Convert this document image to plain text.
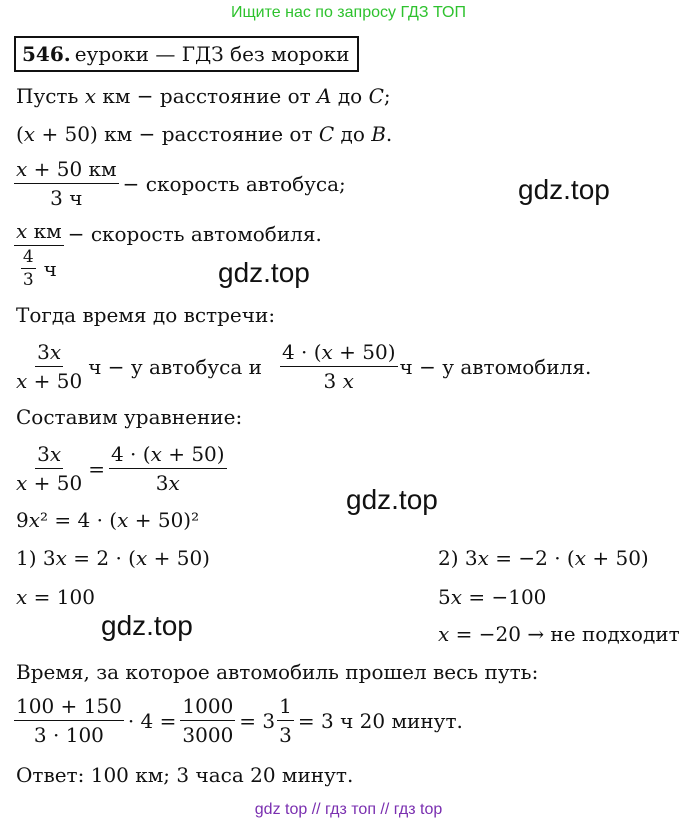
Ищите нас по запросу ГДЗ ТОП
546. еуроки — ГДЗ без мороки
Пусть 𝑥 км − расстояние от 𝐴 до 𝐶;
(𝑥 + 50) км − расстояние от 𝐶 до 𝐵.
$\frac{\text{𝑥 + 50 км}}{3 ч}$ − скорость автобуса;
$\frac{\text{𝑥 км}}{\frac{4}{3} ч}$ − скорость автомобиля.
Тогда время до встречи:
$\frac{\text{3𝑥}}{\text{𝑥 + 50}}$ ч − у автобуса и $\frac{\text{4 · (𝑥 + 50)}}{\text{3 𝑥}}$ ч − у автомобиля.
Составим уравнение:
$\frac{\text{3𝑥}}{\text{𝑥 + 50}} = \frac{\text{4 · (𝑥 + 50)}}{\text{3𝑥}}$
9𝑥² = 4 · (𝑥 + 50)²
1) 3𝑥 = 2 · (𝑥 + 50)
𝑥 = 100
2) 3𝑥 = −2 · (𝑥 + 50)
5𝑥 = −100
𝑥 = −20 → не подходит
Время, за которое автомобиль прошел весь путь:
$\frac{100 + 150}{3 \cdot 100} \cdot 4 = \frac{1000}{3000} = 3 \frac{1}{3} = 3$ ч 20 минут.
Ответ: 100 км; 3 часа 20 минут.
gdz.top
gdz.top
gdz.top
gdz.top
gdz top // гдз топ // гдз top
